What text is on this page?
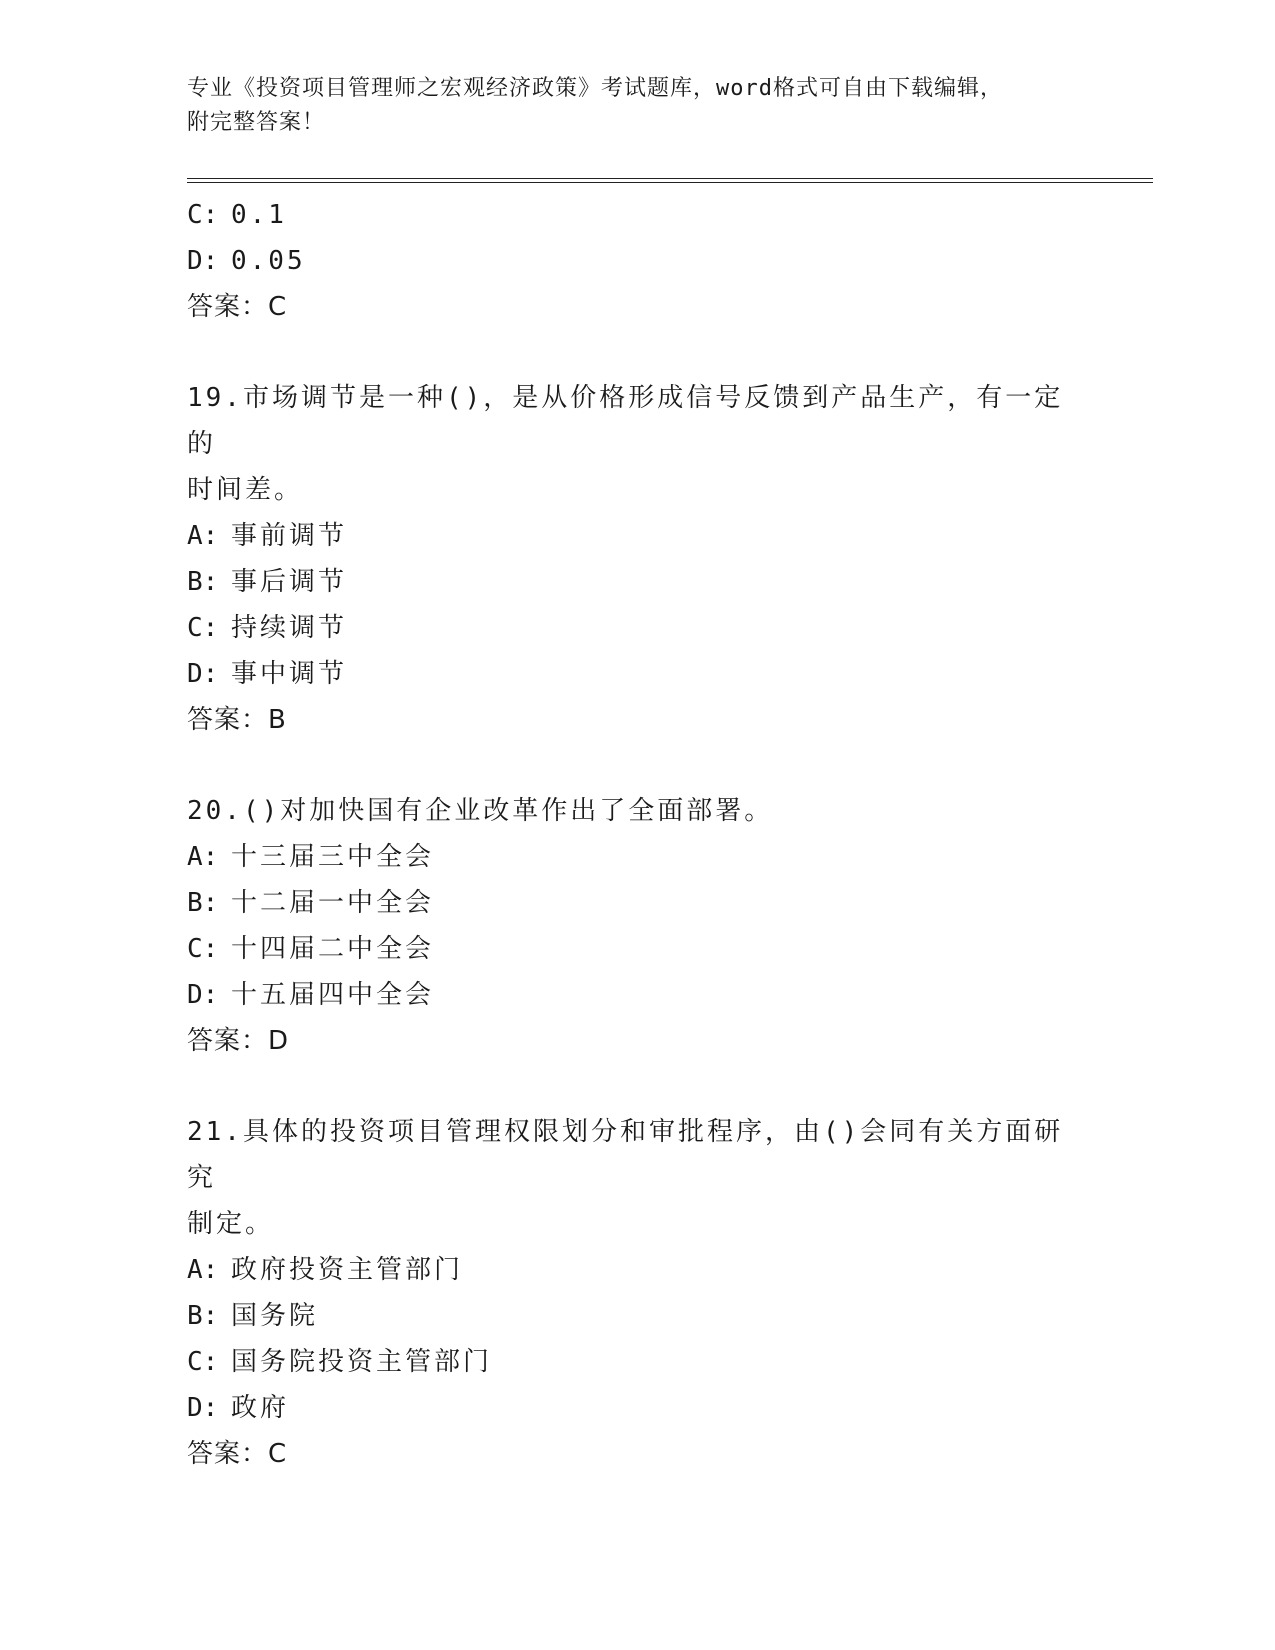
专业《投资项目管理师之宏观经济政策》考试题库，word格式可自由下载编辑，
附完整答案！
C: 0.1
D: 0.05
答案：C
19.市场调节是一种()，是从价格形成信号反馈到产品生产，有一定的
时间差。
A: 事前调节
B: 事后调节
C: 持续调节
D: 事中调节
答案：B
20.()对加快国有企业改革作出了全面部署。
A: 十三届三中全会
B: 十二届一中全会
C: 十四届二中全会
D: 十五届四中全会
答案：D
21.具体的投资项目管理权限划分和审批程序，由()会同有关方面研究
制定。
A: 政府投资主管部门
B: 国务院
C: 国务院投资主管部门
D: 政府
答案：C
